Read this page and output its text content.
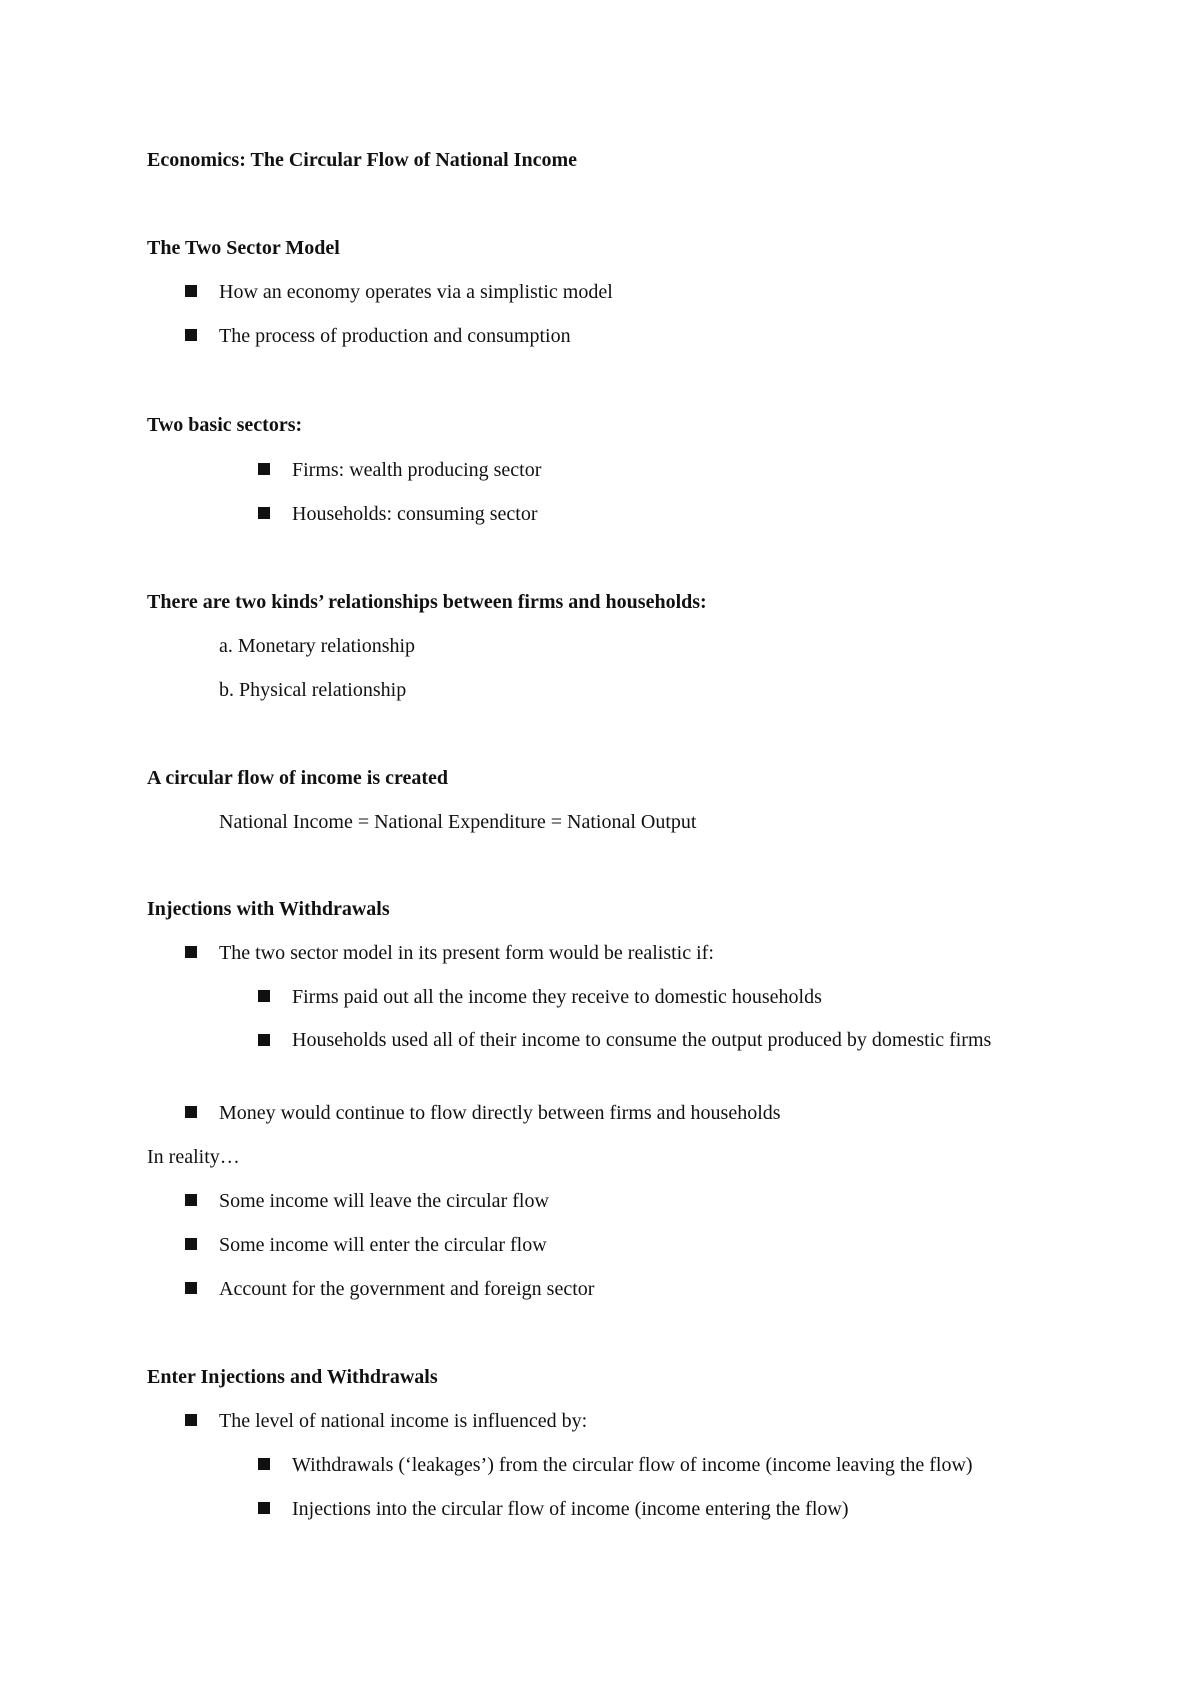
Economics: The Circular Flow of National Income
The Two Sector Model
How an economy operates via a simplistic model
The process of production and consumption
Two basic sectors:
Firms: wealth producing sector
Households: consuming sector
There are two kinds’ relationships between firms and households:
a. Monetary relationship
b. Physical relationship
A circular flow of income is created
National Income = National Expenditure = National Output
Injections with Withdrawals
The two sector model in its present form would be realistic if:
Firms paid out all the income they receive to domestic households
Households used all of their income to consume the output produced by domestic firms
Money would continue to flow directly between firms and households
In reality…
Some income will leave the circular flow
Some income will enter the circular flow
Account for the government and foreign sector
Enter Injections and Withdrawals
The level of national income is influenced by:
Withdrawals (‘leakages’) from the circular flow of income (income leaving the flow)
Injections into the circular flow of income (income entering the flow)
